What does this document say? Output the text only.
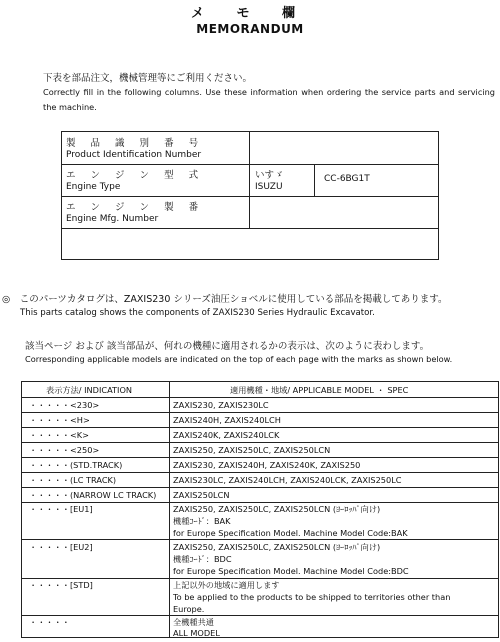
メ モ 欄
MEMORANDUM
下表を部品注文，機械管理等にご利用ください。
Correctly fill in the following columns. Use these information when ordering the service parts and servicing the machine.
製 品 識 別 番 号
Product Identification Number
エ ン ジ ン 型 式
Engine Type
いすゞ
ISUZU
CC-6BG1T
エ ン ジ ン 製 番
Engine Mfg. Number
◎　このパーツカタログは、ZAXIS230 シリーズ油圧ショベルに使用している部品を掲載してあります。
This parts catalog shows the components of ZAXIS230 Series Hydraulic Excavator.
該当ページ および 該当部品が、何れの機種に適用されるかの表示は、次のように表わします。
Corresponding applicable models are indicated on the top of each page with the marks as shown below.
表示方法/ INDICATION	適用機種・地域/ APPLICABLE MODEL ・ SPEC
・・・・・<230>	ZAXIS230, ZAXIS230LC
・・・・・<H>	ZAXIS240H, ZAXIS240LCH
・・・・・<K>	ZAXIS240K, ZAXIS240LCK
・・・・・<250>	ZAXIS250, ZAXIS250LC, ZAXIS250LCN
・・・・・(STD.TRACK)	ZAXIS230, ZAXIS240H, ZAXIS240K, ZAXIS250
・・・・・(LC TRACK)	ZAXIS230LC, ZAXIS240LCH, ZAXIS240LCK, ZAXIS250LC
・・・・・(NARROW LC TRACK) ZAXIS250LCN
・・・・・[EU1]	ZAXIS250, ZAXIS250LC, ZAXIS250LCN (ﾖｰﾛｯﾊﾟ向け)
機種ｺｰﾄﾞ：BAK
for Europe Specification Model. Machine Model Code:BAK
・・・・・[EU2]	ZAXIS250, ZAXIS250LC, ZAXIS250LCN (ﾖｰﾛｯﾊﾟ向け)
機種ｺｰﾄﾞ：BDC
for Europe Specification Model. Machine Model Code:BDC
・・・・・[STD]	上記以外の地域に適用します
To be applied to the products to be shipped to territories other than
Europe.
・・・・・	全機種共通
ALL MODEL
